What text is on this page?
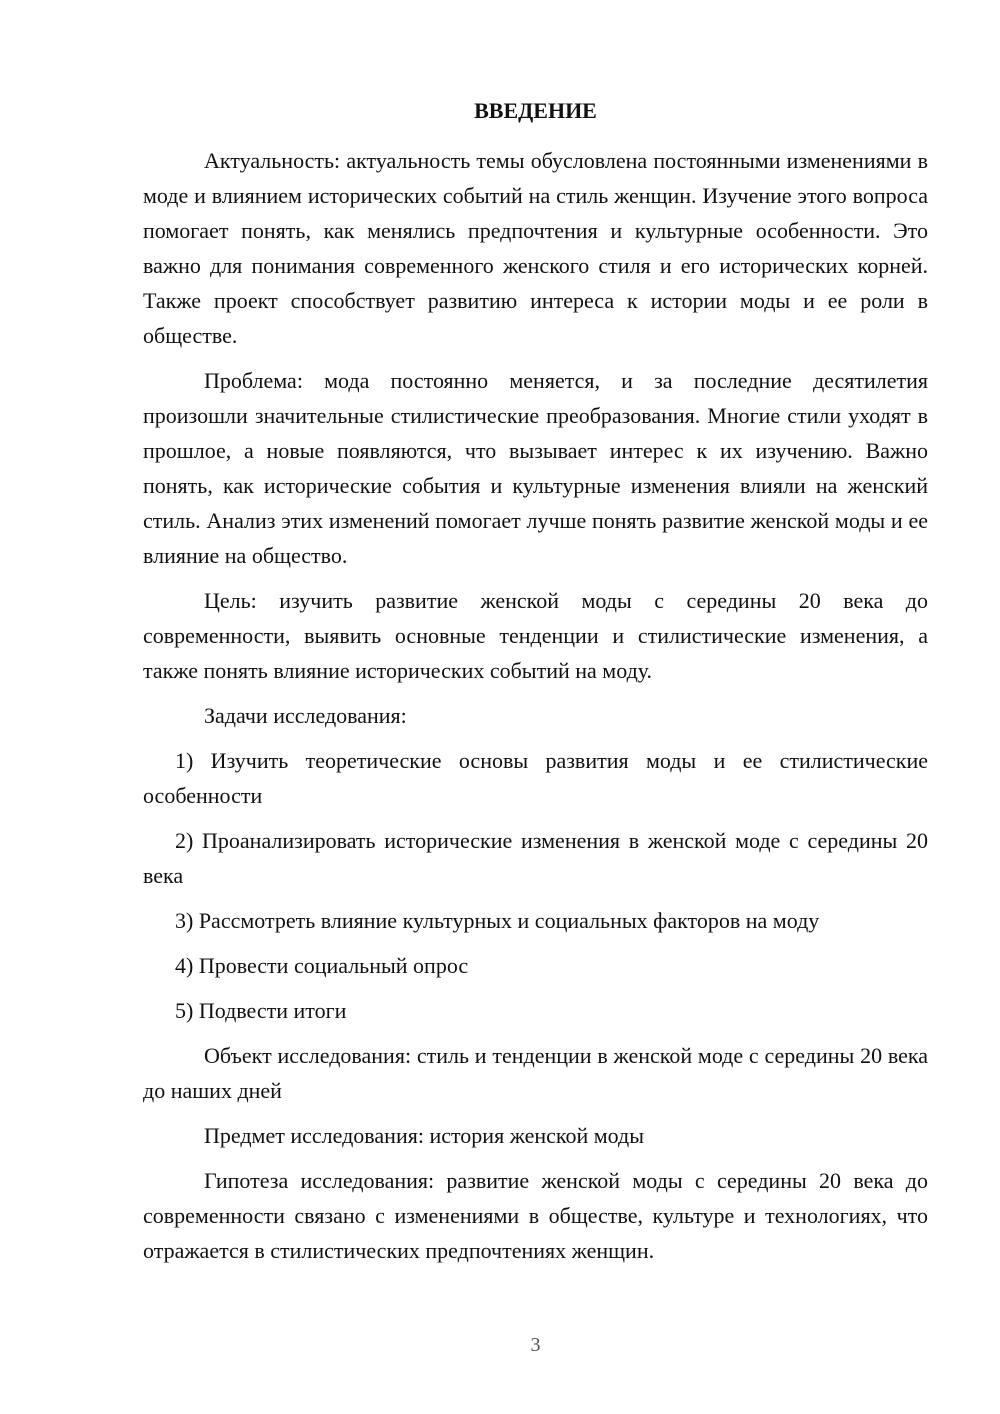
ВВЕДЕНИЕ

Актуальность: актуальность темы обусловлена постоянными изменениями в моде и влиянием исторических событий на стиль женщин. Изучение этого вопроса помогает понять, как менялись предпочтения и культурные особенности. Это важно для понимания современного женского стиля и его исторических корней. Также проект способствует развитию интереса к истории моды и ее роли в обществе.

Проблема: мода постоянно меняется, и за последние десятилетия произошли значительные стилистические преобразования. Многие стили уходят в прошлое, а новые появляются, что вызывает интерес к их изучению. Важно понять, как исторические события и культурные изменения влияли на женский стиль. Анализ этих изменений помогает лучше понять развитие женской моды и ее влияние на общество.

Цель: изучить развитие женской моды с середины 20 века до современности, выявить основные тенденции и стилистические изменения, а также понять влияние исторических событий на моду.

Задачи исследования:

1) Изучить теоретические основы развития моды и ее стилистические особенности

2) Проанализировать исторические изменения в женской моде с середины 20 века

3) Рассмотреть влияние культурных и социальных факторов на моду

4) Провести социальный опрос

5) Подвести итоги

Объект исследования: стиль и тенденции в женской моде с середины 20 века до наших дней

Предмет исследования: история женской моды

Гипотеза исследования: развитие женской моды с середины 20 века до современности связано с изменениями в обществе, культуре и технологиях, что отражается в стилистических предпочтениях женщин.

3
